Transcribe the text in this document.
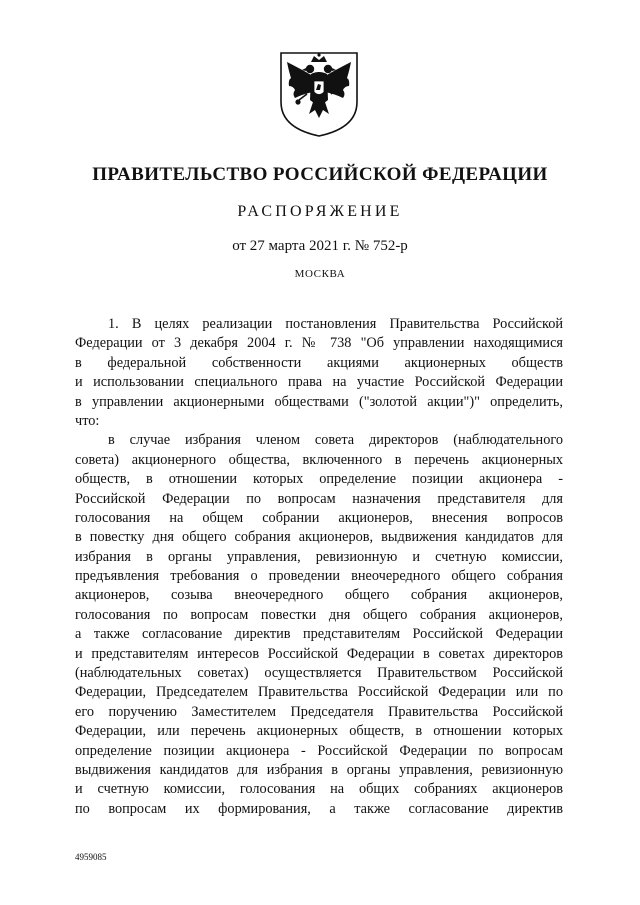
ПРАВИТЕЛЬСТВО РОССИЙСКОЙ ФЕДЕРАЦИИ
РАСПОРЯЖЕНИЕ
от 27 марта 2021 г. № 752-р
МОСКВА
1. В целях реализации постановления Правительства Российской
Федерации от 3 декабря 2004 г. № 738 "Об управлении находящимися
в федеральной собственности акциями акционерных обществ
и использовании специального права на участие Российской Федерации
в управлении акционерными обществами ("золотой акции")" определить,
что:
в случае избрания членом совета директоров (наблюдательного
совета) акционерного общества, включенного в перечень акционерных
обществ, в отношении которых определение позиции акционера -
Российской Федерации по вопросам назначения представителя для
голосования на общем собрании акционеров, внесения вопросов
в повестку дня общего собрания акционеров, выдвижения кандидатов для
избрания в органы управления, ревизионную и счетную комиссии,
предъявления требования о проведении внеочередного общего собрания
акционеров, созыва внеочередного общего собрания акционеров,
голосования по вопросам повестки дня общего собрания акционеров,
а также согласование директив представителям Российской Федерации
и представителям интересов Российской Федерации в советах директоров
(наблюдательных советах) осуществляется Правительством Российской
Федерации, Председателем Правительства Российской Федерации или по
его поручению Заместителем Председателя Правительства Российской
Федерации, или перечень акционерных обществ, в отношении которых
определение позиции акционера - Российской Федерации по вопросам
выдвижения кандидатов для избрания в органы управления, ревизионную
и счетную комиссии, голосования на общих собраниях акционеров
по вопросам их формирования, а также согласование директив
4959085
